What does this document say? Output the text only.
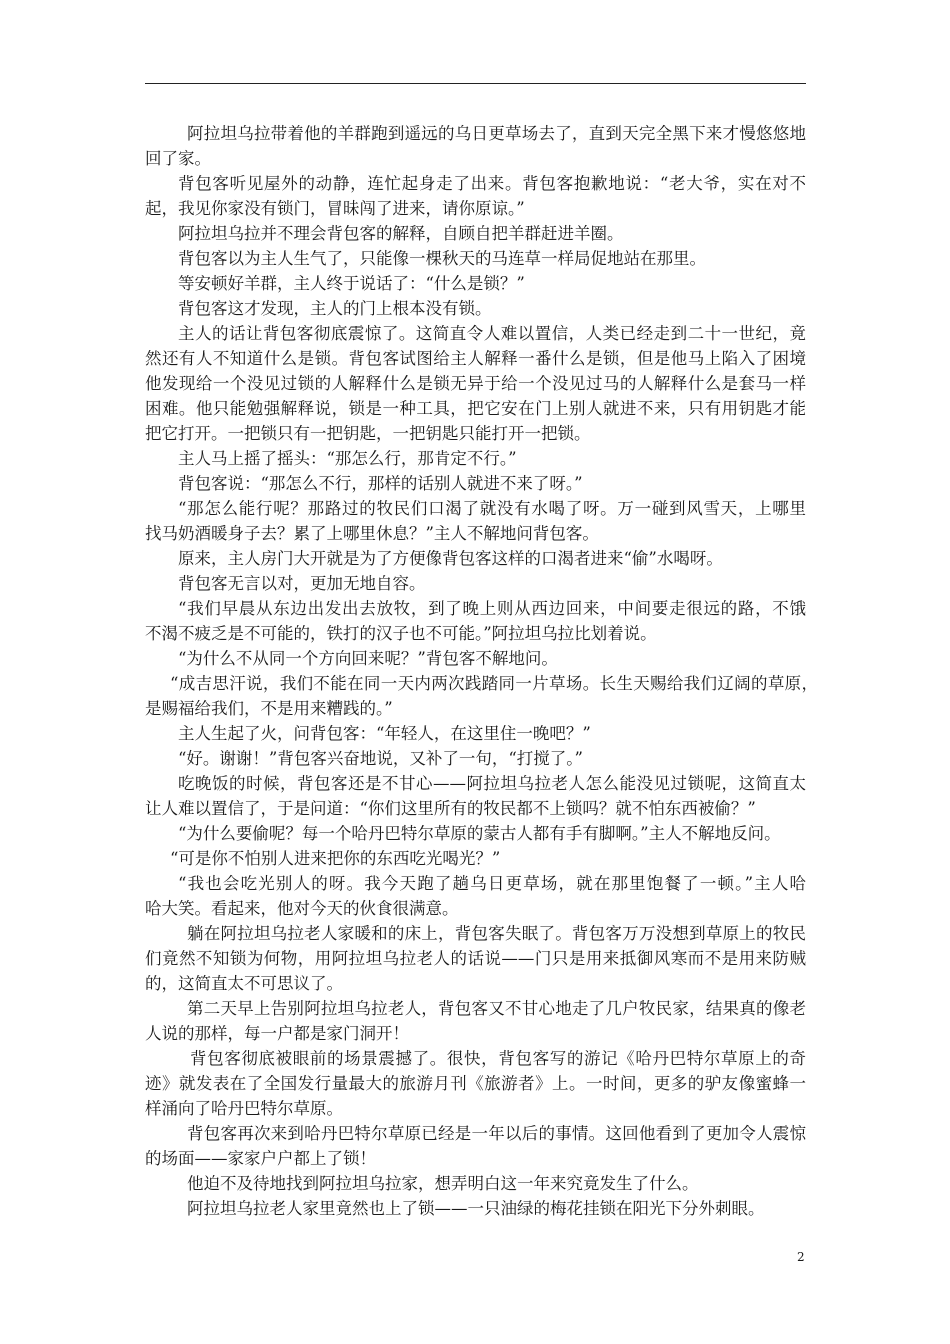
阿拉坦乌拉带着他的羊群跑到遥远的乌日更草场去了，直到天完全黑下来才慢悠悠地
回了家。
背包客听见屋外的动静，连忙起身走了出来。背包客抱歉地说：“老大爷，实在对不
起，我见你家没有锁门，冒昧闯了进来，请你原谅。”
阿拉坦乌拉并不理会背包客的解释，自顾自把羊群赶进羊圈。
背包客以为主人生气了，只能像一棵秋天的马连草一样局促地站在那里。
等安顿好羊群，主人终于说话了：“什么是锁？”
背包客这才发现，主人的门上根本没有锁。
主人的话让背包客彻底震惊了。这简直令人难以置信，人类已经走到二十一世纪，竟
然还有人不知道什么是锁。背包客试图给主人解释一番什么是锁，但是他马上陷入了困境
他发现给一个没见过锁的人解释什么是锁无异于给一个没见过马的人解释什么是套马一样
困难。他只能勉强解释说，锁是一种工具，把它安在门上别人就进不来，只有用钥匙才能
把它打开。一把锁只有一把钥匙，一把钥匙只能打开一把锁。
主人马上摇了摇头：“那怎么行，那肯定不行。”
背包客说：“那怎么不行，那样的话别人就进不来了呀。”
“那怎么能行呢？那路过的牧民们口渴了就没有水喝了呀。万一碰到风雪天，上哪里
找马奶酒暖身子去？累了上哪里休息？”主人不解地问背包客。
原来，主人房门大开就是为了方便像背包客这样的口渴者进来“偷”水喝呀。
背包客无言以对，更加无地自容。
“我们早晨从东边出发出去放牧，到了晚上则从西边回来，中间要走很远的路，不饿
不渴不疲乏是不可能的，铁打的汉子也不可能。”阿拉坦乌拉比划着说。
“为什么不从同一个方向回来呢？”背包客不解地问。
“成吉思汗说，我们不能在同一天内两次践踏同一片草场。长生天赐给我们辽阔的草原，
是赐福给我们，不是用来糟践的。”
主人生起了火，问背包客：“年轻人，在这里住一晚吧？”
“好。谢谢！”背包客兴奋地说，又补了一句，“打搅了。”
吃晚饭的时候，背包客还是不甘心——阿拉坦乌拉老人怎么能没见过锁呢，这简直太
让人难以置信了，于是问道：“你们这里所有的牧民都不上锁吗？就不怕东西被偷？”
“为什么要偷呢？每一个哈丹巴特尔草原的蒙古人都有手有脚啊。”主人不解地反问。
“可是你不怕别人进来把你的东西吃光喝光？”
“我也会吃光别人的呀。我今天跑了趟乌日更草场，就在那里饱餐了一顿。”主人哈
哈大笑。看起来，他对今天的伙食很满意。
躺在阿拉坦乌拉老人家暖和的床上，背包客失眠了。背包客万万没想到草原上的牧民
们竟然不知锁为何物，用阿拉坦乌拉老人的话说——门只是用来抵御风寒而不是用来防贼
的，这简直太不可思议了。
第二天早上告别阿拉坦乌拉老人，背包客又不甘心地走了几户牧民家，结果真的像老
人说的那样，每一户都是家门洞开！
背包客彻底被眼前的场景震撼了。很快，背包客写的游记《哈丹巴特尔草原上的奇
迹》就发表在了全国发行量最大的旅游月刊《旅游者》上。一时间，更多的驴友像蜜蜂一
样涌向了哈丹巴特尔草原。
背包客再次来到哈丹巴特尔草原已经是一年以后的事情。这回他看到了更加令人震惊
的场面——家家户户都上了锁！
他迫不及待地找到阿拉坦乌拉家，想弄明白这一年来究竟发生了什么。
阿拉坦乌拉老人家里竟然也上了锁——一只油绿的梅花挂锁在阳光下分外刺眼。
2
